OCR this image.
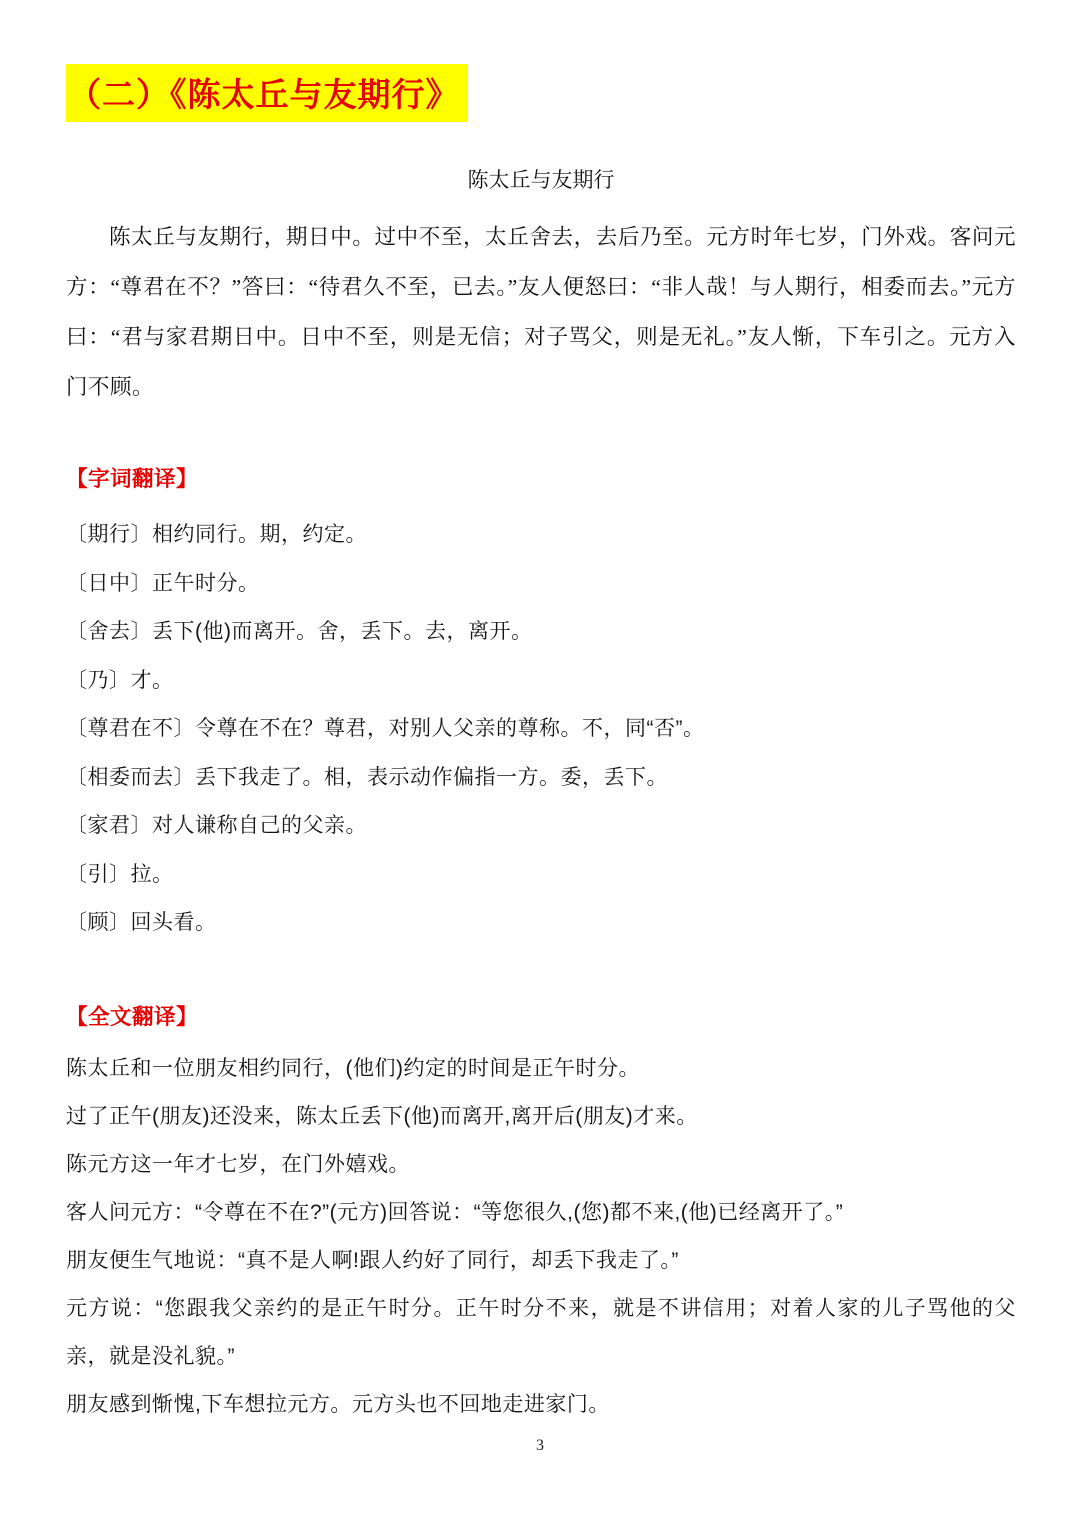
（二）《陈太丘与友期行》
陈太丘与友期行

陈太丘与友期行，期日中。过中不至，太丘舍去，去后乃至。元方时年七岁，门外戏。客问元方：“尊君在不？”答曰：“待君久不至，已去。”友人便怒曰：“非人哉！与人期行，相委而去。”元方曰：“君与家君期日中。日中不至，则是无信；对子骂父，则是无礼。”友人惭，下车引之。元方入门不顾。

【字词翻译】

〔期行〕相约同行。期，约定。

〔日中〕正午时分。

〔舍去〕丢下(他)而离开。舍，丢下。去，离开。

〔乃〕才。

〔尊君在不〕令尊在不在？尊君，对别人父亲的尊称。不，同“否”。

〔相委而去〕丢下我走了。相，表示动作偏指一方。委，丢下。

〔家君〕对人谦称自己的父亲。

〔引〕拉。

〔顾〕回头看。

【全文翻译】

陈太丘和一位朋友相约同行，(他们)约定的时间是正午时分。

过了正午(朋友)还没来，陈太丘丢下(他)而离开,离开后(朋友)才来。

陈元方这一年才七岁，在门外嬉戏。

客人问元方：“令尊在不在?”(元方)回答说：“等您很久,(您)都不来,(他)已经离开了。”

朋友便生气地说：“真不是人啊!跟人约好了同行，却丢下我走了。”

元方说：“您跟我父亲约的是正午时分。正午时分不来，就是不讲信用；对着人家的儿子骂他的父亲，就是没礼貌。”

朋友感到惭愧,下车想拉元方。元方头也不回地走进家门。

3
